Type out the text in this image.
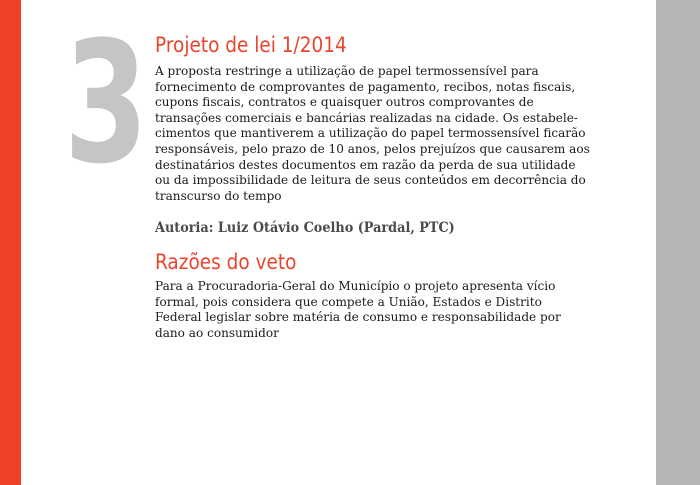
3 Projeto de lei 1/2014

A proposta restringe a utilização de papel termossensível para
fornecimento de comprovantes de pagamento, recibos, notas fiscais,
cupons fiscais, contratos e quaisquer outros comprovantes de
transações comerciais e bancárias realizadas na cidade. Os estabele-
cimentos que mantiverem a utilização do papel termossensível ficarão
responsáveis, pelo prazo de 10 anos, pelos prejuízos que causarem aos
destinatários destes documentos em razão da perda de sua utilidade
ou da impossibilidade de leitura de seus conteúdos em decorrência do
transcurso do tempo

Autoria: Luiz Otávio Coelho (Pardal, PTC)

Razões do veto

Para a Procuradoria-Geral do Município o projeto apresenta vício
formal, pois considera que compete a União, Estados e Distrito
Federal legislar sobre matéria de consumo e responsabilidade por
dano ao consumidor
